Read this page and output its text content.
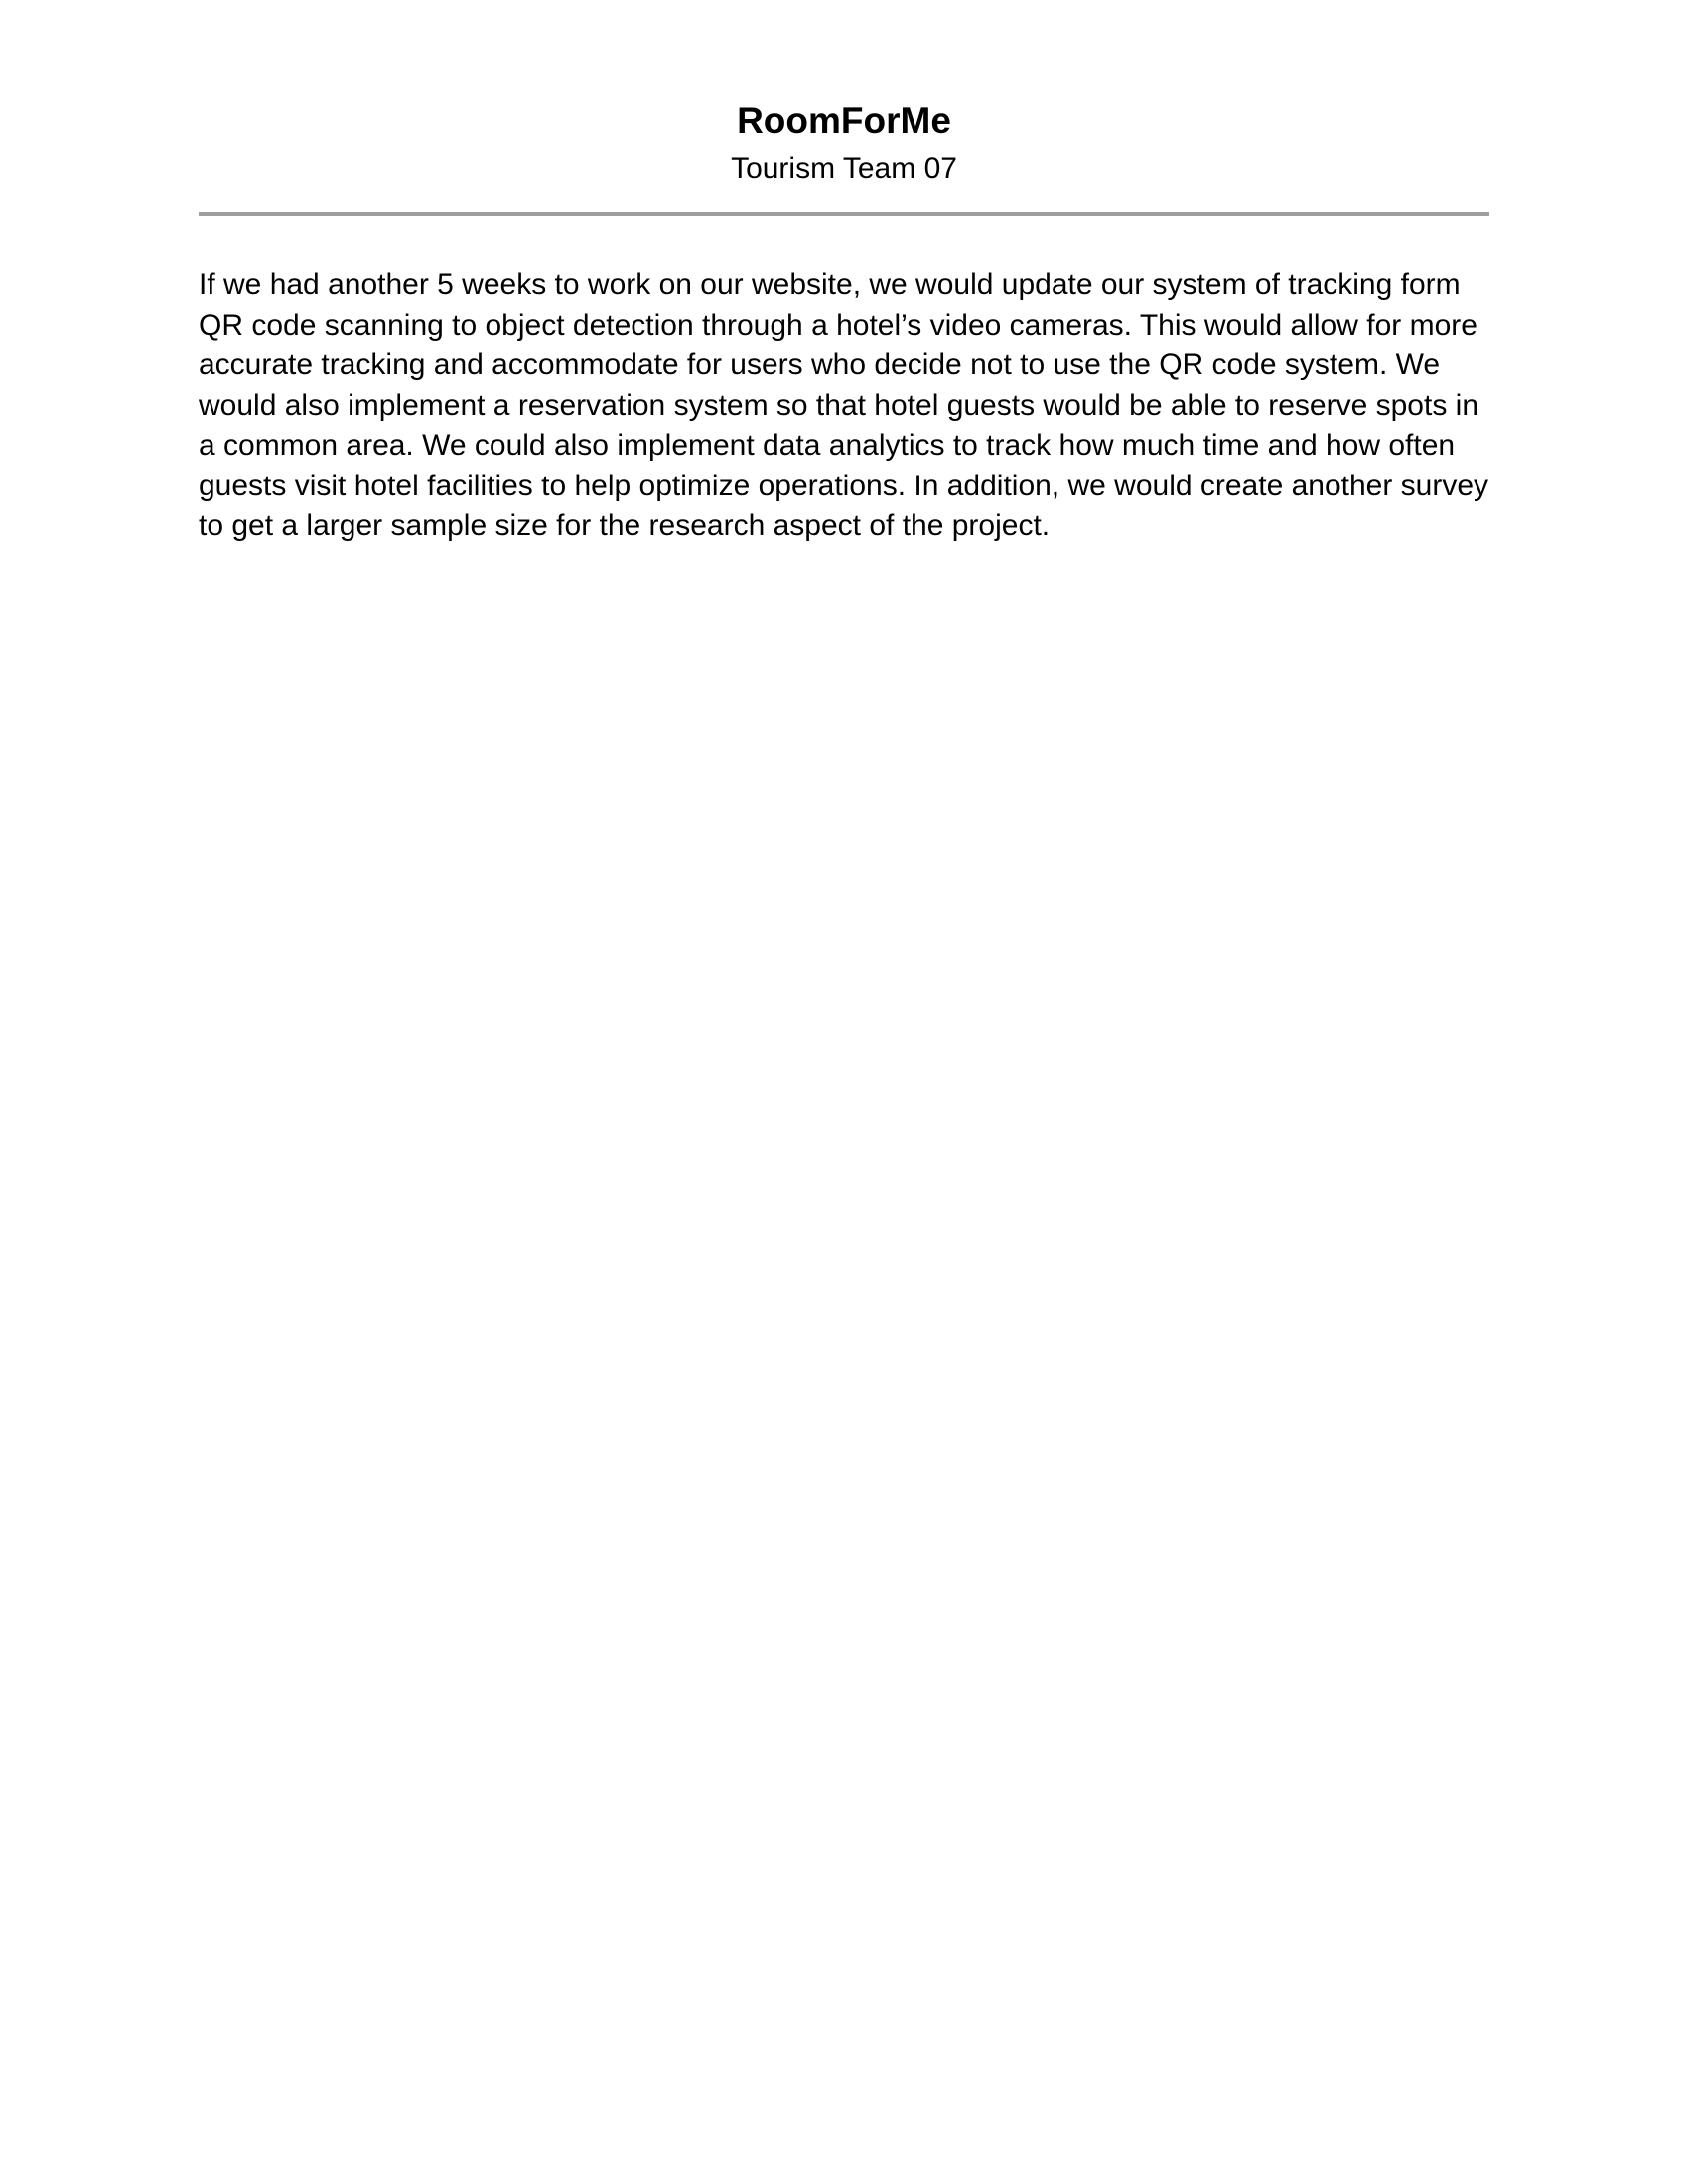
RoomForMe

Tourism Team 07

If we had another 5 weeks to work on our website, we would update our system of tracking form QR code scanning to object detection through a hotel’s video cameras. This would allow for more accurate tracking and accommodate for users who decide not to use the QR code system. We would also implement a reservation system so that hotel guests would be able to reserve spots in a common area. We could also implement data analytics to track how much time and how often guests visit hotel facilities to help optimize operations. In addition, we would create another survey to get a larger sample size for the research aspect of the project.
